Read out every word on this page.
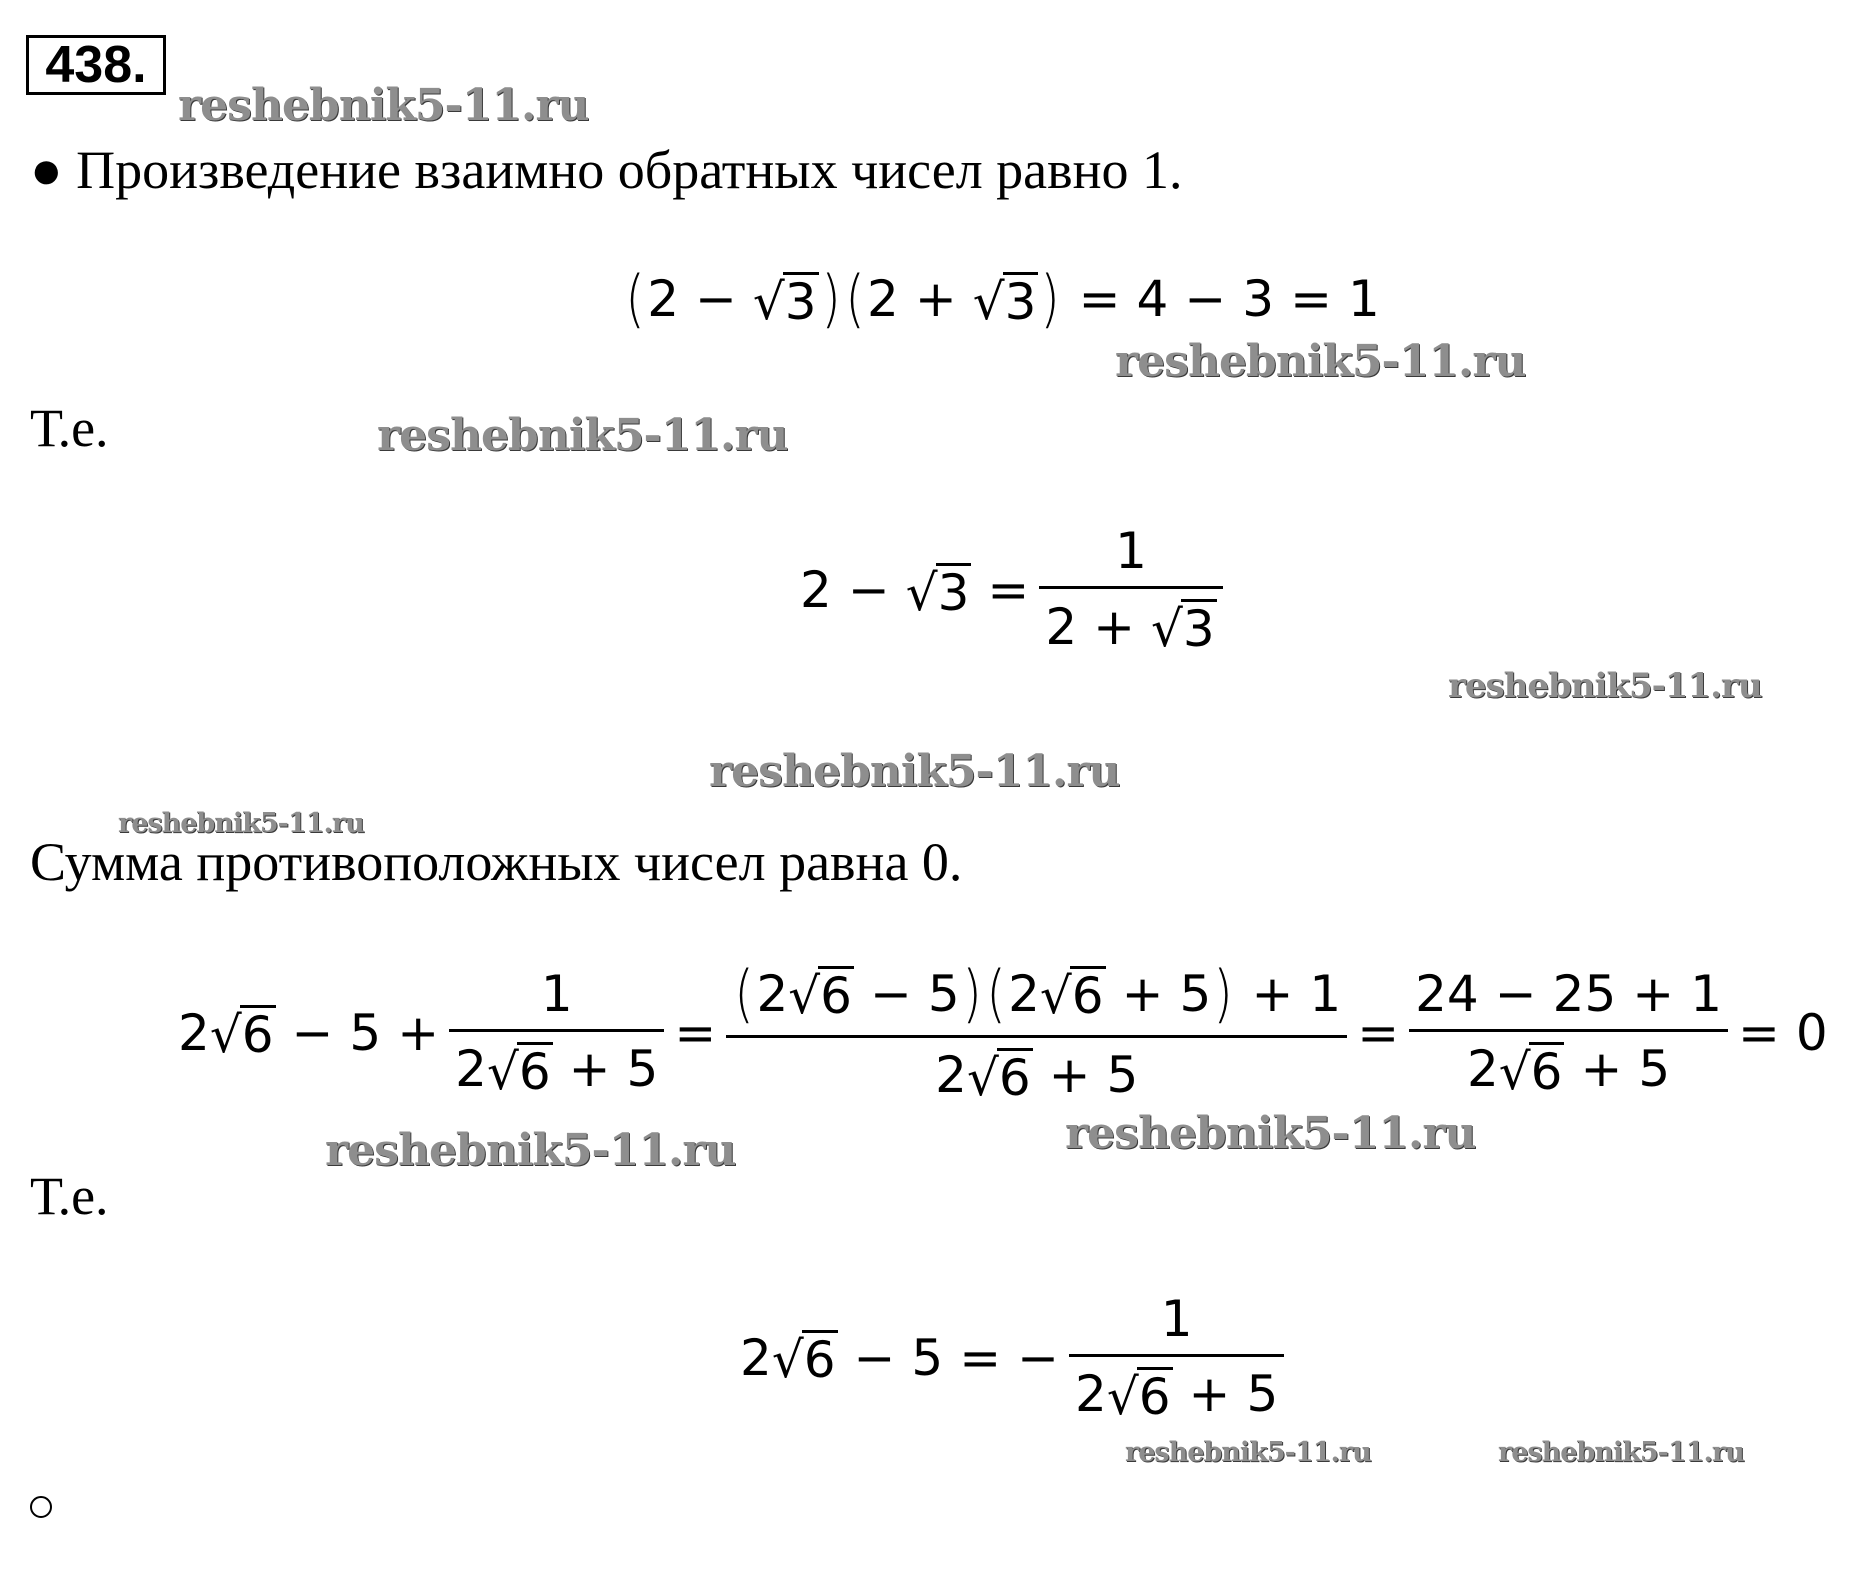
438.
reshebnik5-11.ru
reshebnik5-11.ru
reshebnik5-11.ru
reshebnik5-11.ru
reshebnik5-11.ru
reshebnik5-11.ru
reshebnik5-11.ru	reshebnik5-11.ru
reshebnik5-11.ru	reshebnik5-11.ru
● Произведение взаимно обратных чисел равно 1.
Т.е.
Сумма противоположных чисел равна 0.
Т.е.
( 2 − √ 3 ) ( 2 + √ 3 ) = 4 − 3 = 1
2 − √ $3 = \frac{1}{2 + √ 3}$
2 √ $6 - 5 + \frac{1}{2 √ 6 + 5}$ =
( 2 √ 6 − 5 ) ( 2 √ 6 + 5 ) + 1
2 √ 6 + 5
= $\frac{24 - 25 + 1}{2 √ 6 + 5} = 0$
2 √ 6 − 5 = − $\frac{1}{2 √ 6 + 5}$
